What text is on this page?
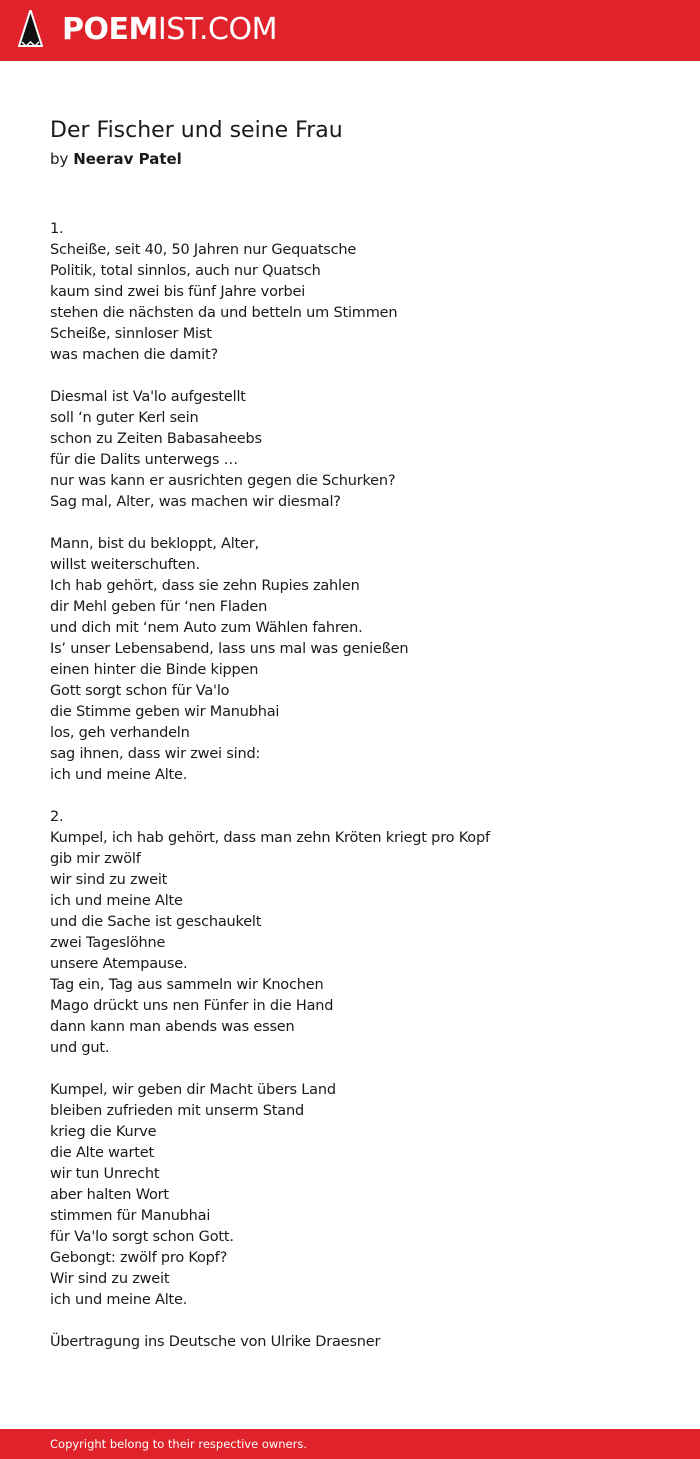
POEMIST.COM
Der Fischer und seine Frau
by Neerav Patel
1.
Scheiße, seit 40, 50 Jahren nur Gequatsche
Politik, total sinnlos, auch nur Quatsch
kaum sind zwei bis fünf Jahre vorbei
stehen die nächsten da und betteln um Stimmen
Scheiße, sinnloser Mist
was machen die damit?
Diesmal ist Va'lo aufgestellt
soll ‘n guter Kerl sein
schon zu Zeiten Babasaheebs
für die Dalits unterwegs …
nur was kann er ausrichten gegen die Schurken?
Sag mal, Alter, was machen wir diesmal?
Mann, bist du bekloppt, Alter,
willst weiterschuften.
Ich hab gehört, dass sie zehn Rupies zahlen
dir Mehl geben für ‘nen Fladen
und dich mit ‘nem Auto zum Wählen fahren.
Is’ unser Lebensabend, lass uns mal was genießen
einen hinter die Binde kippen
Gott sorgt schon für Va'lo
die Stimme geben wir Manubhai
los, geh verhandeln
sag ihnen, dass wir zwei sind:
ich und meine Alte.
2.
Kumpel, ich hab gehört, dass man zehn Kröten kriegt pro Kopf
gib mir zwölf
wir sind zu zweit
ich und meine Alte
und die Sache ist geschaukelt
zwei Tageslöhne
unsere Atempause.
Tag ein, Tag aus sammeln wir Knochen
Mago drückt uns nen Fünfer in die Hand
dann kann man abends was essen
und gut.
Kumpel, wir geben dir Macht übers Land
bleiben zufrieden mit unserm Stand
krieg die Kurve
die Alte wartet
wir tun Unrecht
aber halten Wort
stimmen für Manubhai
für Va'lo sorgt schon Gott.
Gebongt: zwölf pro Kopf?
Wir sind zu zweit
ich und meine Alte.
Übertragung ins Deutsche von Ulrike Draesner
Copyright belong to their respective owners.
